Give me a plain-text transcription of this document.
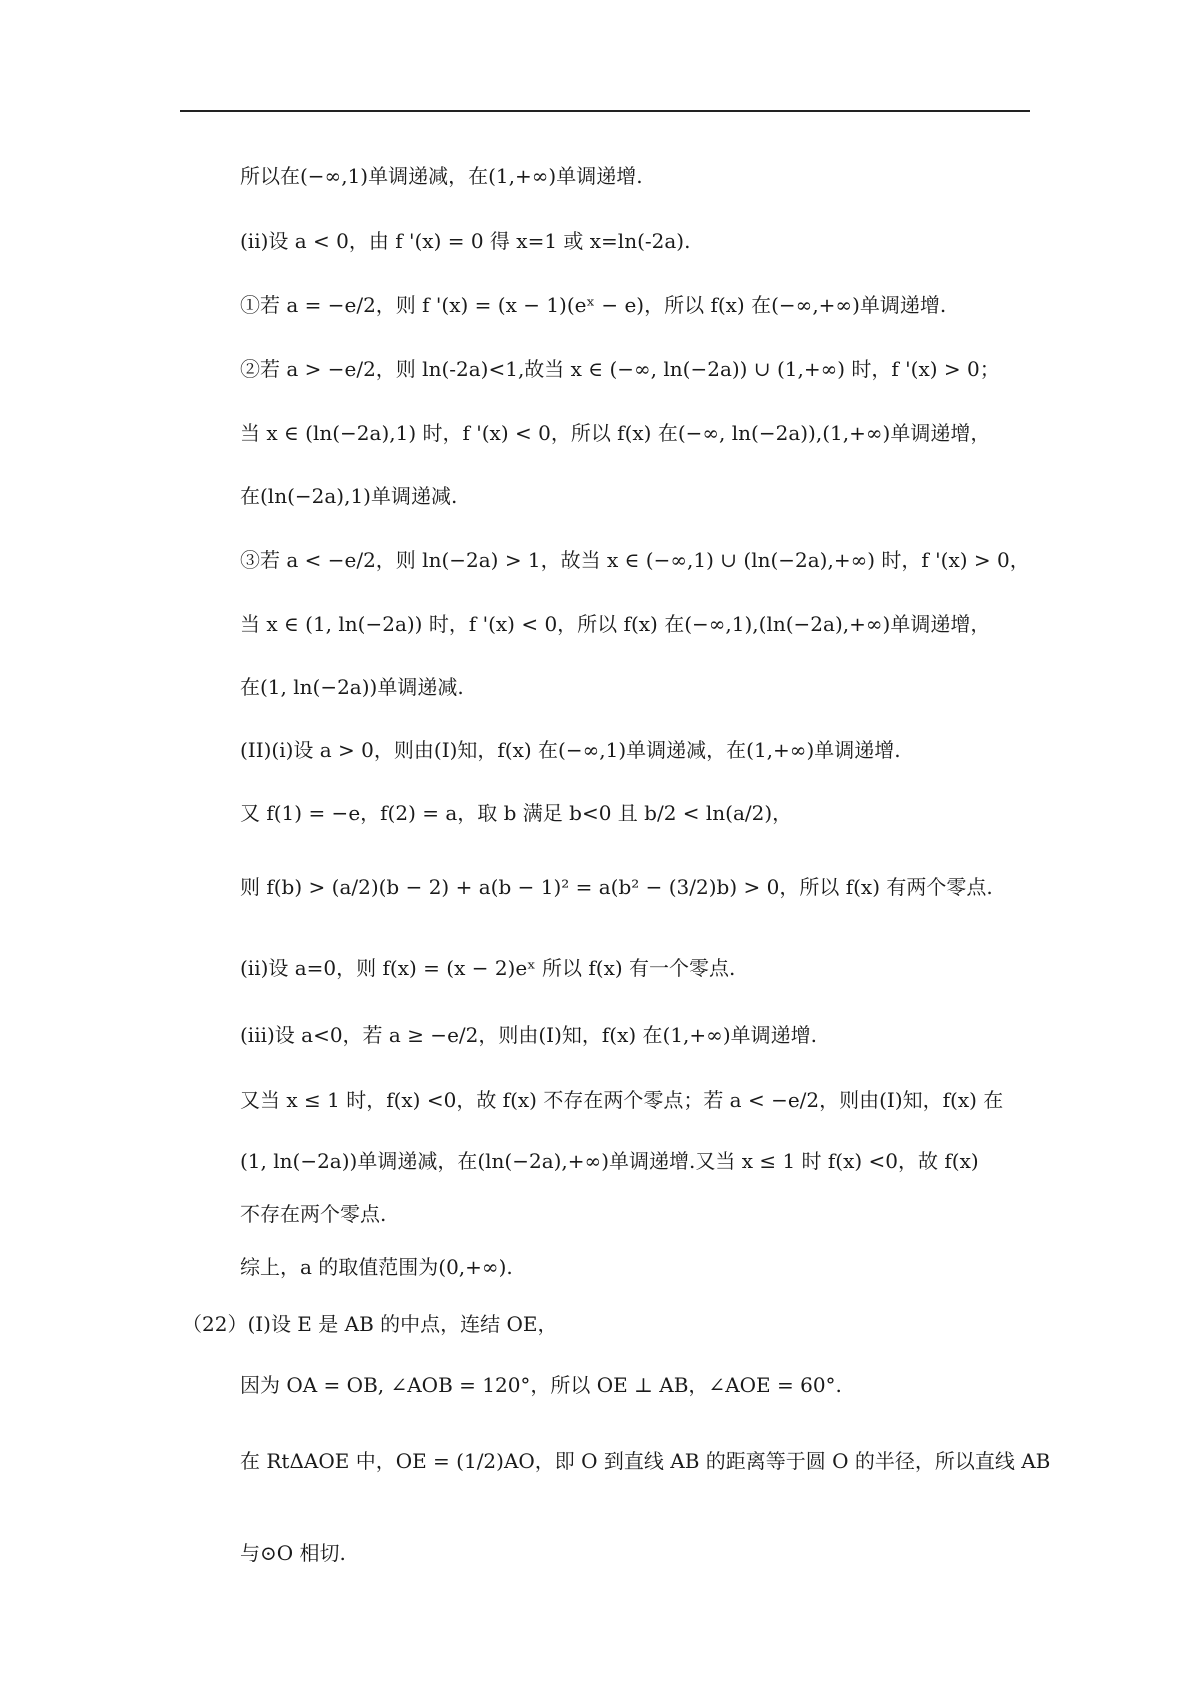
所以在(−∞,1)单调递减，在(1,+∞)单调递增.
(ii)设 a < 0，由 f '(x) = 0 得 x=1 或 x=ln(-2a).
①若 a = −e/2，则 f '(x) = (x − 1)(eˣ − e)，所以 f(x) 在(−∞,+∞)单调递增.
②若 a > −e/2，则 ln(-2a)<1,故当 x ∈ (−∞, ln(−2a)) ∪ (1,+∞) 时，f '(x) > 0；
当 x ∈ (ln(−2a),1) 时，f '(x) < 0，所以 f(x) 在(−∞, ln(−2a)),(1,+∞)单调递增，
在(ln(−2a),1)单调递减.
③若 a < −e/2，则 ln(−2a) > 1，故当 x ∈ (−∞,1) ∪ (ln(−2a),+∞) 时，f '(x) > 0，
当 x ∈ (1, ln(−2a)) 时，f '(x) < 0，所以 f(x) 在(−∞,1),(ln(−2a),+∞)单调递增，
在(1, ln(−2a))单调递减.
(II)(i)设 a > 0，则由(I)知，f(x) 在(−∞,1)单调递减，在(1,+∞)单调递增.
又 f(1) = −e，f(2) = a，取 b 满足 b<0 且 b/2 < ln(a/2)，
则 f(b) > (a/2)(b − 2) + a(b − 1)² = a(b² − (3/2)b) > 0，所以 f(x) 有两个零点.
(ii)设 a=0，则 f(x) = (x − 2)eˣ 所以 f(x) 有一个零点.
(iii)设 a<0，若 a ≥ −e/2，则由(I)知，f(x) 在(1,+∞)单调递增.
又当 x ≤ 1 时，f(x) <0，故 f(x) 不存在两个零点；若 a < −e/2，则由(I)知，f(x) 在
(1, ln(−2a))单调递减，在(ln(−2a),+∞)单调递增.又当 x ≤ 1 时 f(x) <0，故 f(x)
不存在两个零点.
综上，a 的取值范围为(0,+∞).
（22）(Ⅰ)设 E 是 AB 的中点，连结 OE，
因为 OA = OB, ∠AOB = 120°，所以 OE ⊥ AB，∠AOE = 60°.
在 RtΔAOE 中，OE = (1/2)AO，即 O 到直线 AB 的距离等于圆 O 的半径，所以直线 AB
与⊙O 相切.
